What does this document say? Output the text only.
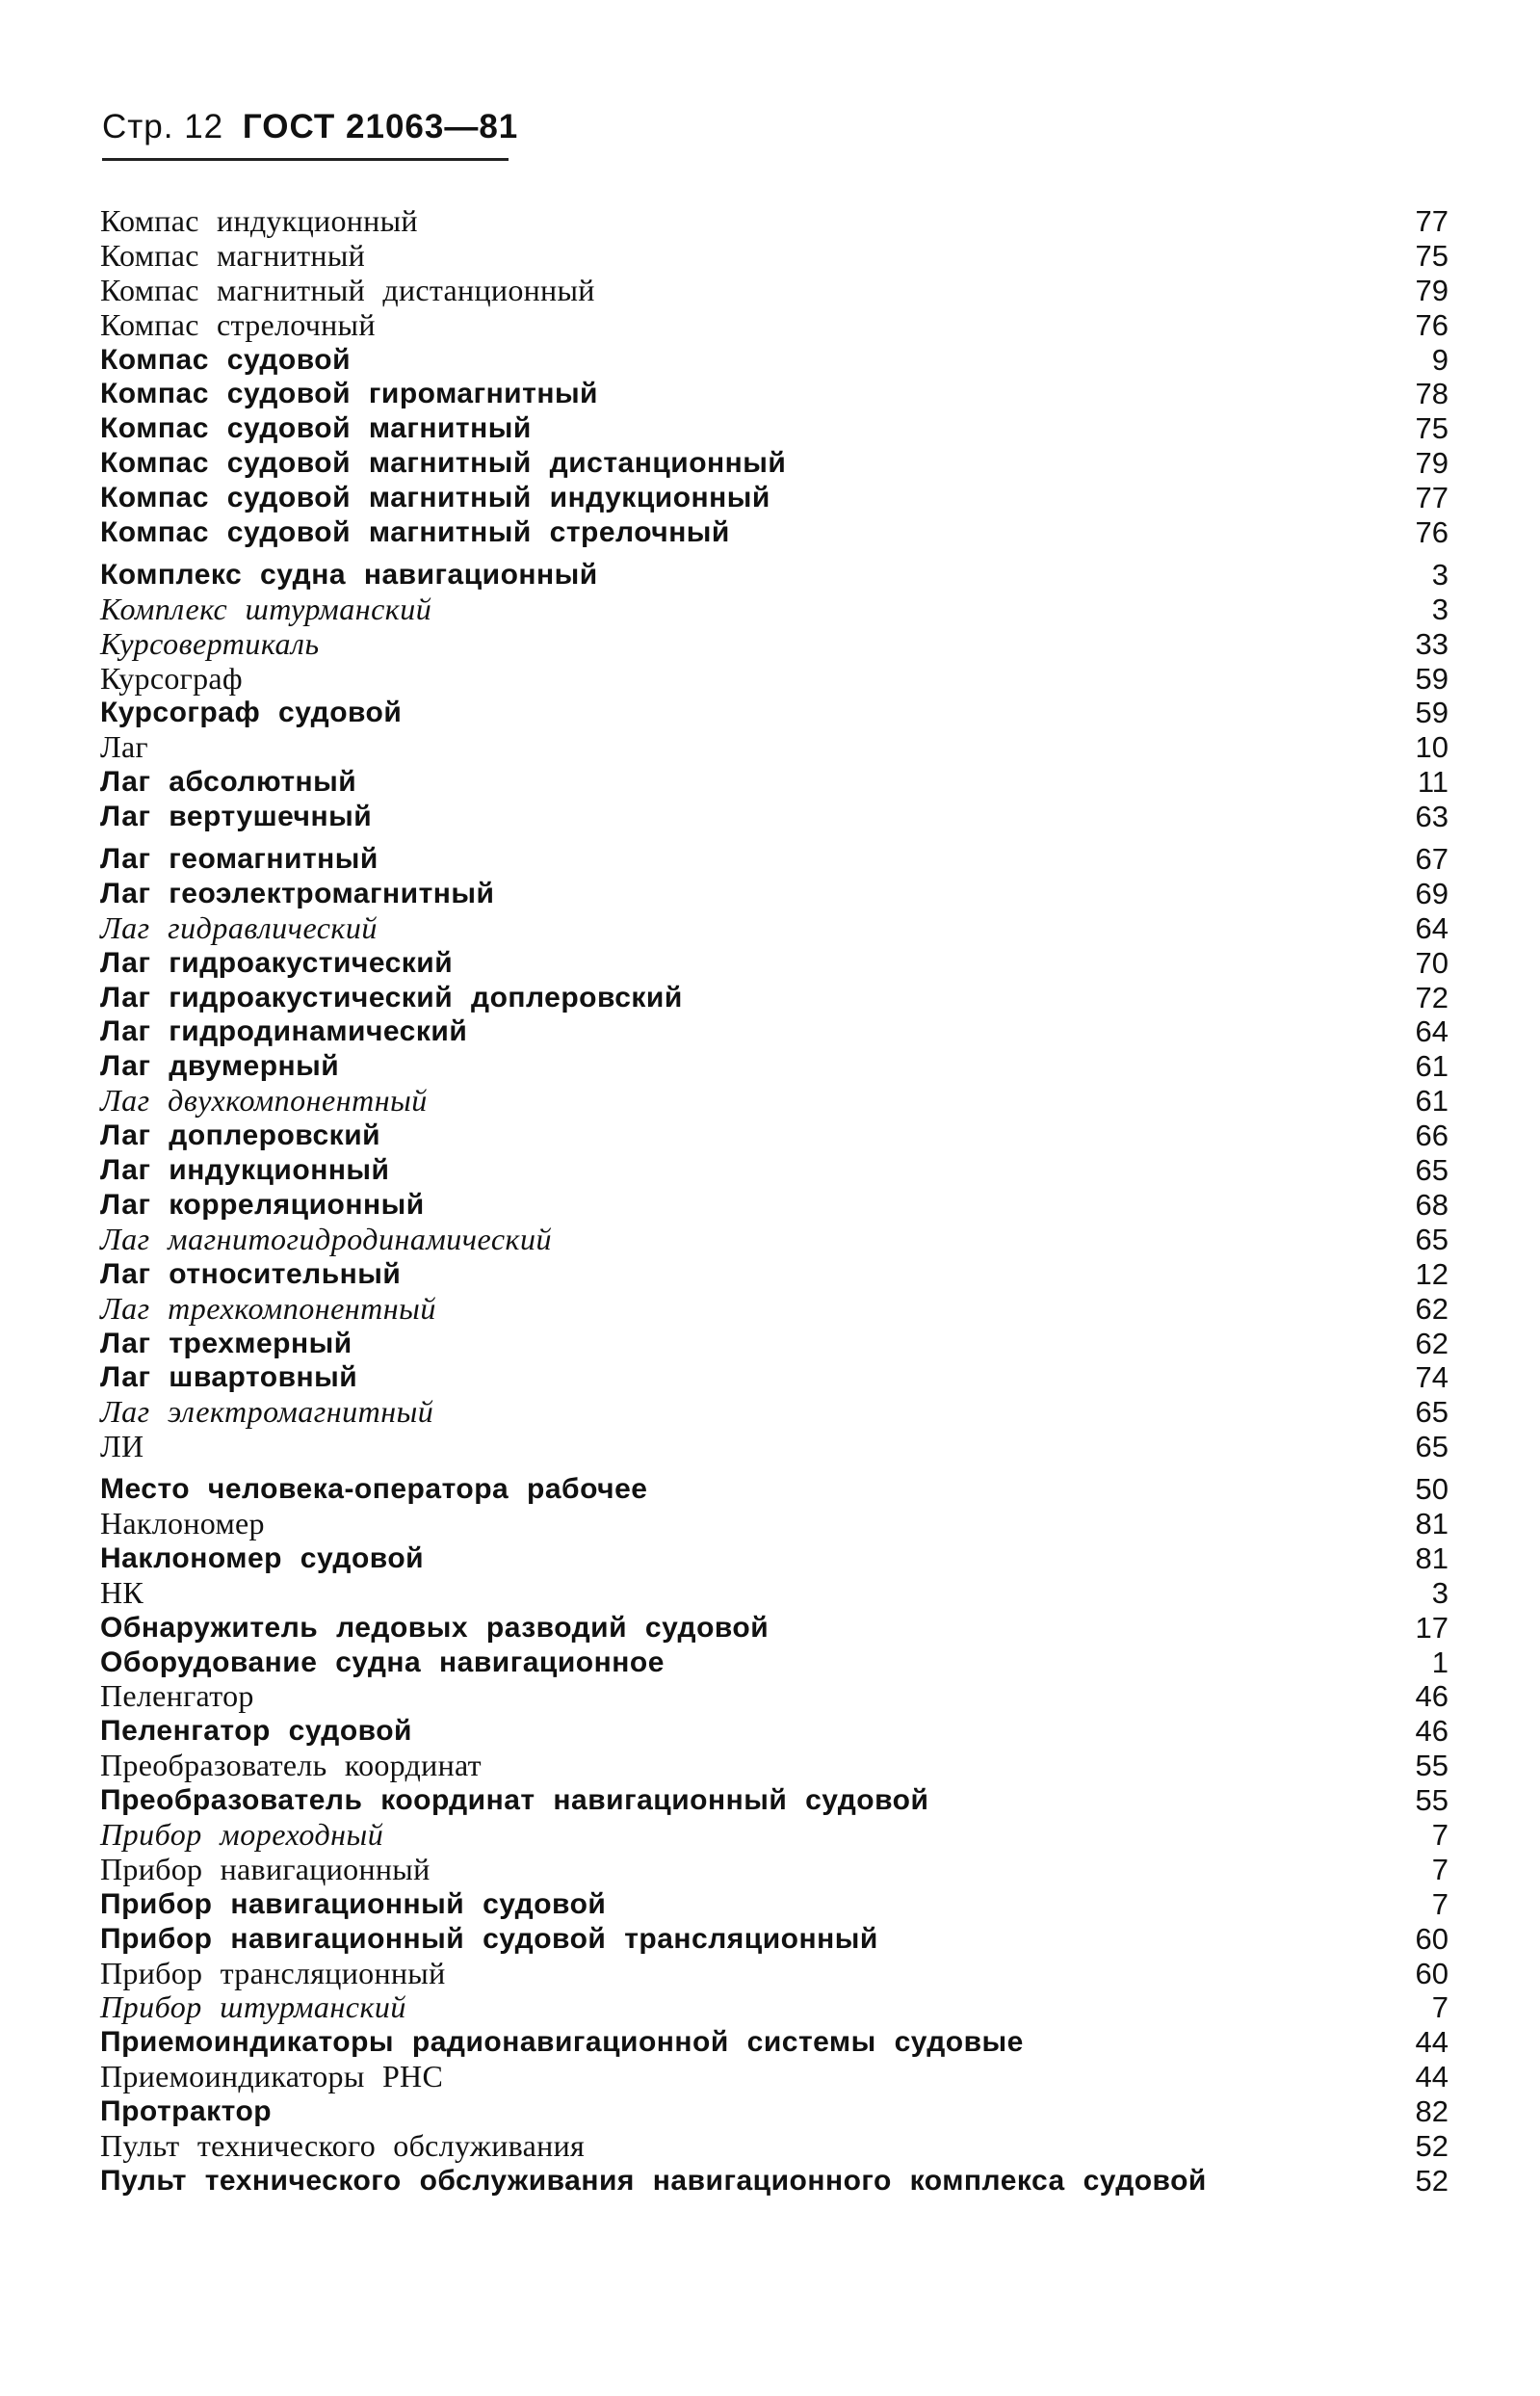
Стр. 12 ГОСТ 21063—81
Компас индукционный	77
Компас магнитный	75
Компас магнитный дистанционный	79
Компас стрелочный	76
Компас судовой	9
Компас судовой гиромагнитный	78
Компас судовой магнитный	75
Компас судовой магнитный дистанционный	79
Компас судовой магнитный индукционный	77
Компас судовой магнитный стрелочный	76
Комплекс судна навигационный	3
Комплекс штурманский	3
Курсовертикаль	33
Курсограф	59
Курсограф судовой	59
Лаг	10
Лаг абсолютный	11
Лаг вертушечный	63
Лаг геомагнитный	67
Лаг геоэлектромагнитный	69
Лаг гидравлический	64
Лаг гидроакустический	70
Лаг гидроакустический доплеровский	72
Лаг гидродинамический	64
Лаг двумерный	61
Лаг двухкомпонентный	61
Лаг доплеровский	66
Лаг индукционный	65
Лаг корреляционный	68
Лаг магнитогидродинамический	65
Лаг относительный	12
Лаг трехкомпонентный	62
Лаг трехмерный	62
Лаг швартовный	74
Лаг электромагнитный	65
ЛИ	65
Место человека-оператора рабочее	50
Наклономер	81
Наклономер судовой	81
НК	3
Обнаружитель ледовых разводий судовой	17
Оборудование судна навигационное	1
Пеленгатор	46
Пеленгатор судовой	46
Преобразователь координат	55
Преобразователь координат навигационный судовой	55
Прибор мореходный	7
Прибор навигационный	7
Прибор навигационный судовой	7
Прибор навигационный судовой трансляционный	60
Прибор трансляционный	60
Прибор штурманский	7
Приемоиндикаторы радионавигационной системы судовые	44
Приемоиндикаторы РНС	44
Протрактор	82
Пульт технического обслуживания	52
Пульт технического обслуживания навигационного комплекса судовой	52
